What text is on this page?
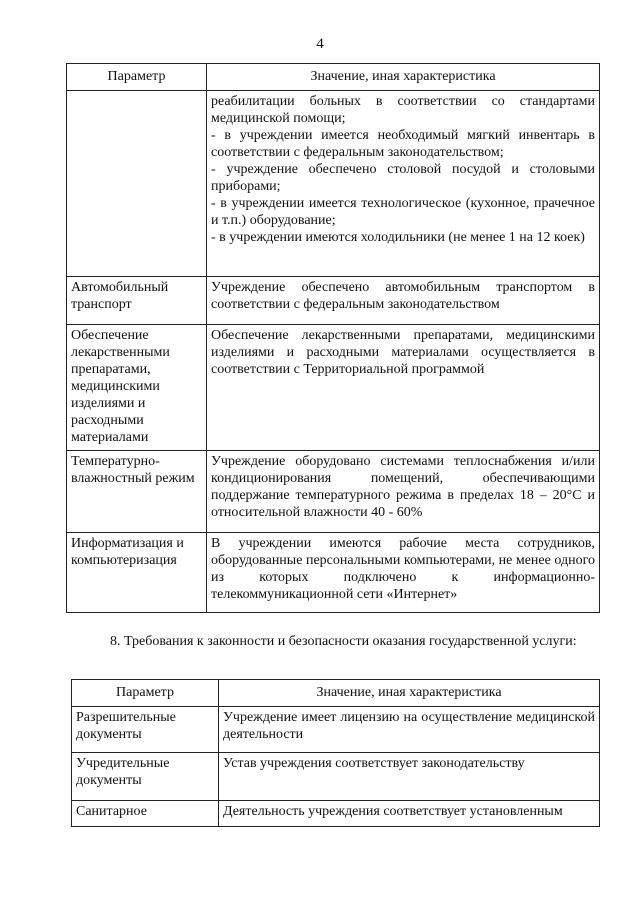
4
Параметр	Значение, иная характеристика

	реабилитации больных в соответствии со стандартами медицинской помощи;
- в учреждении имеется необходимый мягкий инвентарь в соответствии с федеральным законодательством;
- учреждение обеспечено столовой посудой и столовыми приборами;
- в учреждении имеется технологическое (кухонное, прачечное и т.п.) оборудование;
- в учреждении имеются холодильники (не менее 1 на 12 коек)

Автомобильный транспорт	Учреждение обеспечено автомобильным транспортом в соответствии с федеральным законодательством
Обеспечение лекарственными препаратами, медицинскими изделиями и расходными материалами	Обеспечение лекарственными препаратами, медицинскими изделиями и расходными материалами осуществляется в соответствии с Территориальной программой
Температурно-влажностный режим	Учреждение оборудовано системами теплоснабжения и/или кондиционирования помещений, обеспечивающими поддержание температурного режима в пределах 18 – 20°С и относительной влажности 40 - 60%
Информатизация и компьютеризация	В учреждении имеются рабочие места сотрудников, оборудованные персональными компьютерами, не менее одного из которых подключено к информационно-телекоммуникационной сети «Интернет»
8. Требования к законности и безопасности оказания государственной услуги:
Параметр	Значение, иная характеристика
Разрешительные документы	Учреждение имеет лицензию на осуществление медицинской деятельности
Учредительные документы	Устав учреждения соответствует законодательству
Санитарное	Деятельность учреждения соответствует установленным
